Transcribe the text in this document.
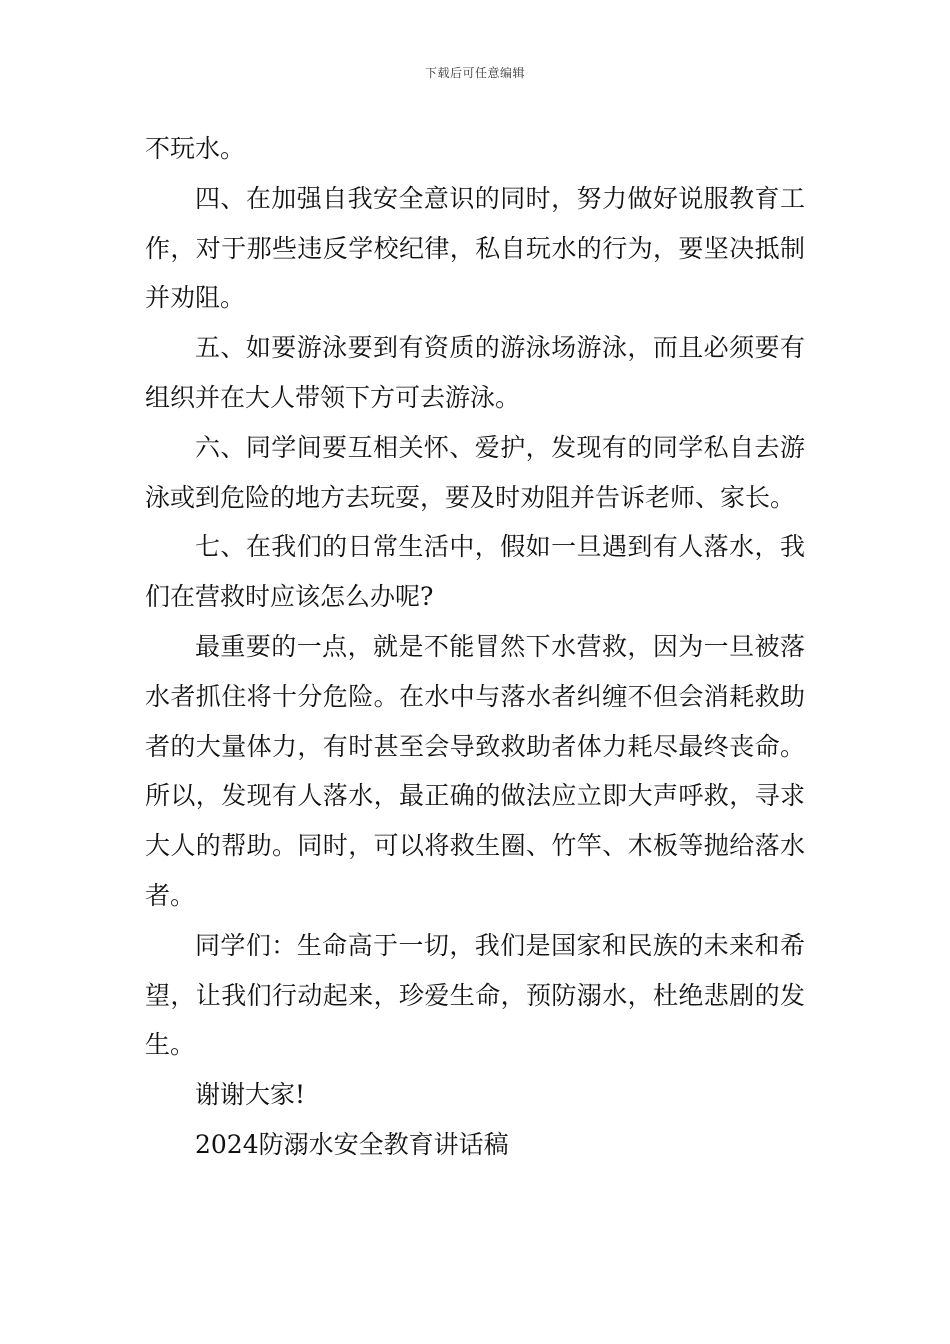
下载后可任意编辑

不玩水。

四、在加强自我安全意识的同时，努力做好说服教育工作，对于那些违反学校纪律，私自玩水的行为，要坚决抵制并劝阻。

五、如要游泳要到有资质的游泳场游泳，而且必须要有组织并在大人带领下方可去游泳。

六、同学间要互相关怀、爱护，发现有的同学私自去游泳或到危险的地方去玩耍，要及时劝阻并告诉老师、家长。

七、在我们的日常生活中，假如一旦遇到有人落水，我们在营救时应该怎么办呢?

最重要的一点，就是不能冒然下水营救，因为一旦被落水者抓住将十分危险。在水中与落水者纠缠不但会消耗救助者的大量体力，有时甚至会导致救助者体力耗尽最终丧命。所以，发现有人落水，最正确的做法应立即大声呼救，寻求大人的帮助。同时，可以将救生圈、竹竿、木板等抛给落水者。

同学们：生命高于一切，我们是国家和民族的未来和希望，让我们行动起来，珍爱生命，预防溺水，杜绝悲剧的发生。

谢谢大家!

2024防溺水安全教育讲话稿
